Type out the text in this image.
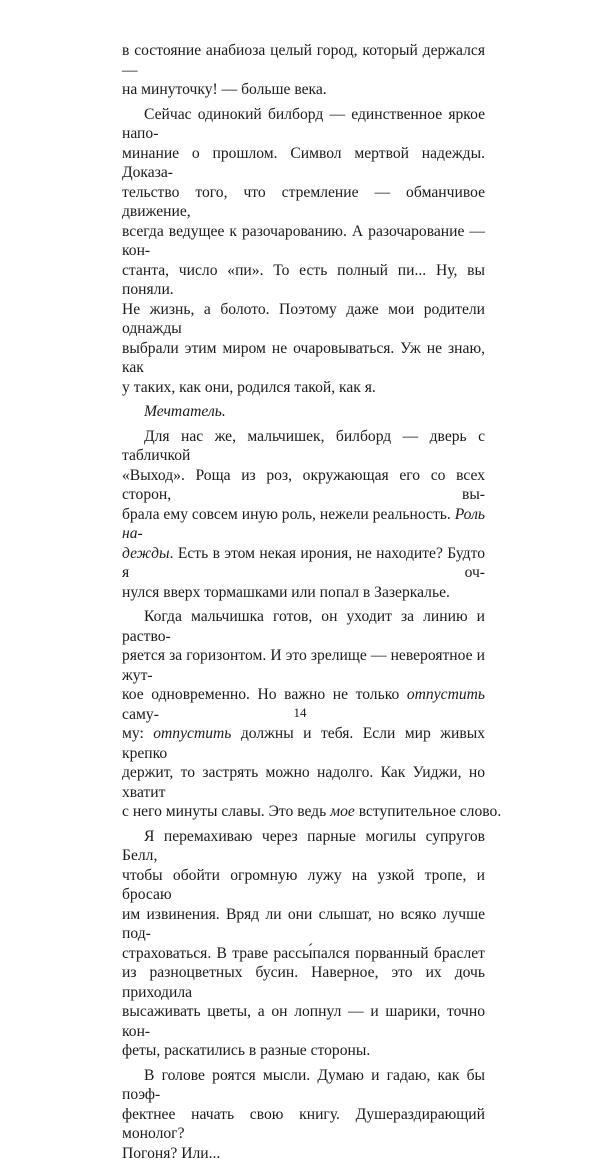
в состояние анабиоза целый город, который держался —
на минуточку! — больше века.

Сейчас одинокий билборд — единственное яркое напо-
минание о прошлом. Символ мертвой надежды. Доказа-
тельство того, что стремление — обманчивое движение,
всегда ведущее к разочарованию. А разочарование — кон-
станта, число «пи». То есть полный пи... Ну, вы поняли.
Не жизнь, а болото. Поэтому даже мои родители однажды
выбрали этим миром не очаровываться. Уж не знаю, как
у таких, как они, родился такой, как я.

Мечтатель.

Для нас же, мальчишек, билборд — дверь с табличкой
«Выход». Роща из роз, окружающая его со всех сторон, вы-
брала ему совсем иную роль, нежели реальность. Роль на-
дежды. Есть в этом некая ирония, не находите? Будто я оч-
нулся вверх тормашками или попал в Зазеркалье.

Когда мальчишка готов, он уходит за линию и раство-
ряется за горизонтом. И это зрелище — невероятное и жут-
кое одновременно. Но важно не только отпустить саму-
му: отпустить должны и тебя. Если мир живых крепко
держит, то застрять можно надолго. Как Уиджи, но хватит
с него минуты славы. Это ведь мое вступительное слово.

Я перемахиваю через парные могилы супругов Белл,
чтобы обойти огромную лужу на узкой тропе, и бросаю
им извинения. Вряд ли они слышат, но всяко лучше под-
страховаться. В траве рассы́пался порванный браслет
из разноцветных бусин. Наверное, это их дочь приходила
высаживать цветы, а он лопнул — и шарики, точно кон-
феты, раскатились в разные стороны.

В голове роятся мысли. Думаю и гадаю, как бы поэф-
фектнее начать свою книгу. Душераздирающий монолог?
Погоня? Или...

14
